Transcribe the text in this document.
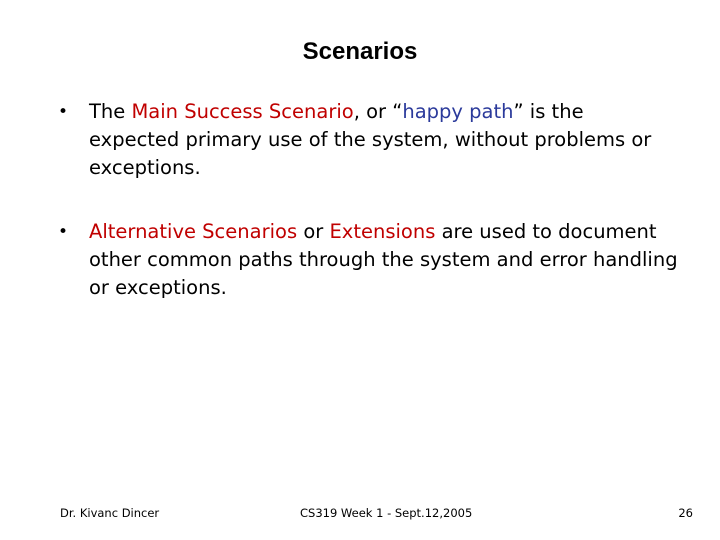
Scenarios
• The Main Success Scenario, or “happy path” is the expected primary use of the system, without problems or exceptions.
• Alternative Scenarios or Extensions are used to document other common paths through the system and error handling or exceptions.
Dr. Kivanc Dincer	CS319 Week 1 - Sept.12,2005	26
